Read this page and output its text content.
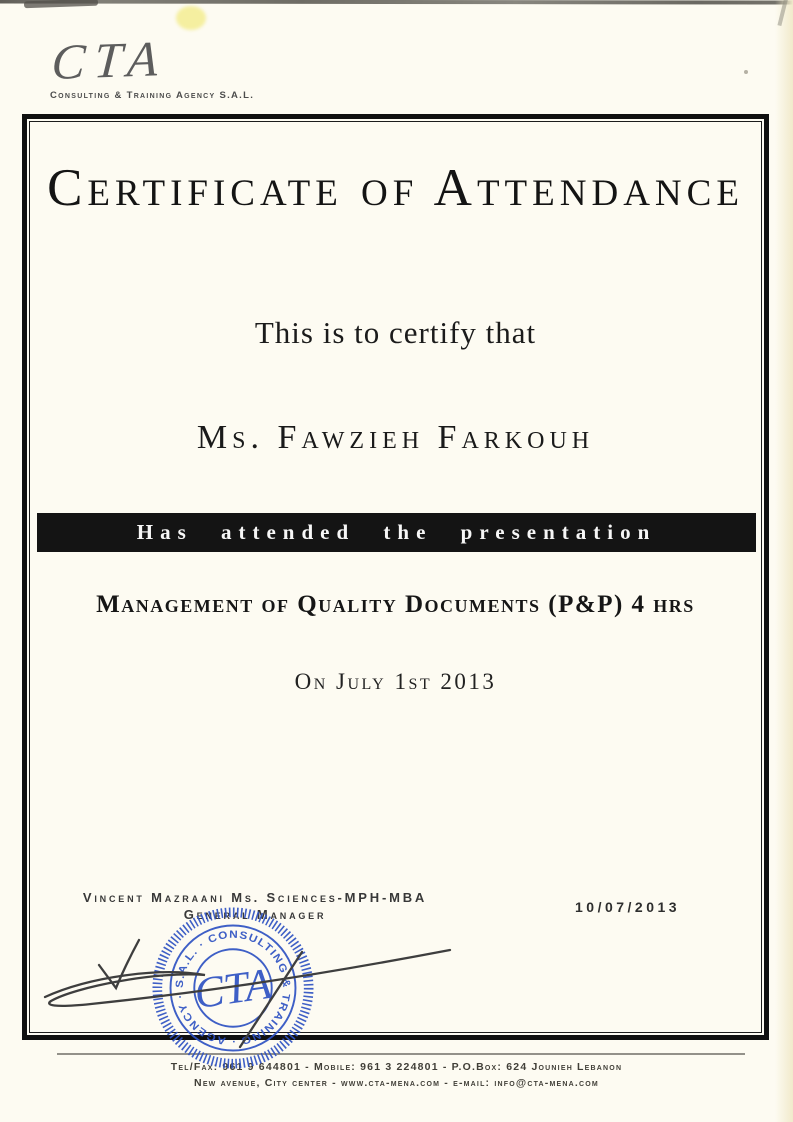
CTA
Consulting & Training Agency S.A.L.
Certificate of Attendance
This is to certify that
Ms. Fawzieh Farkouh
Has attended the presentation
Management of Quality Documents (P&P) 4 hrs
On July 1st 2013
Vincent Mazraani Ms. Sciences-MPH-MBA
General Manager	10/07/2013
S.A.L. · CONSULTING & TRAINING · AGENCY · CTA
Tel/Fax: 961 9 644801 - Mobile: 961 3 224801 - P.O.Box: 624 Jounieh Lebanon
New avenue, City center - www.cta-mena.com - e-mail: info@cta-mena.com
